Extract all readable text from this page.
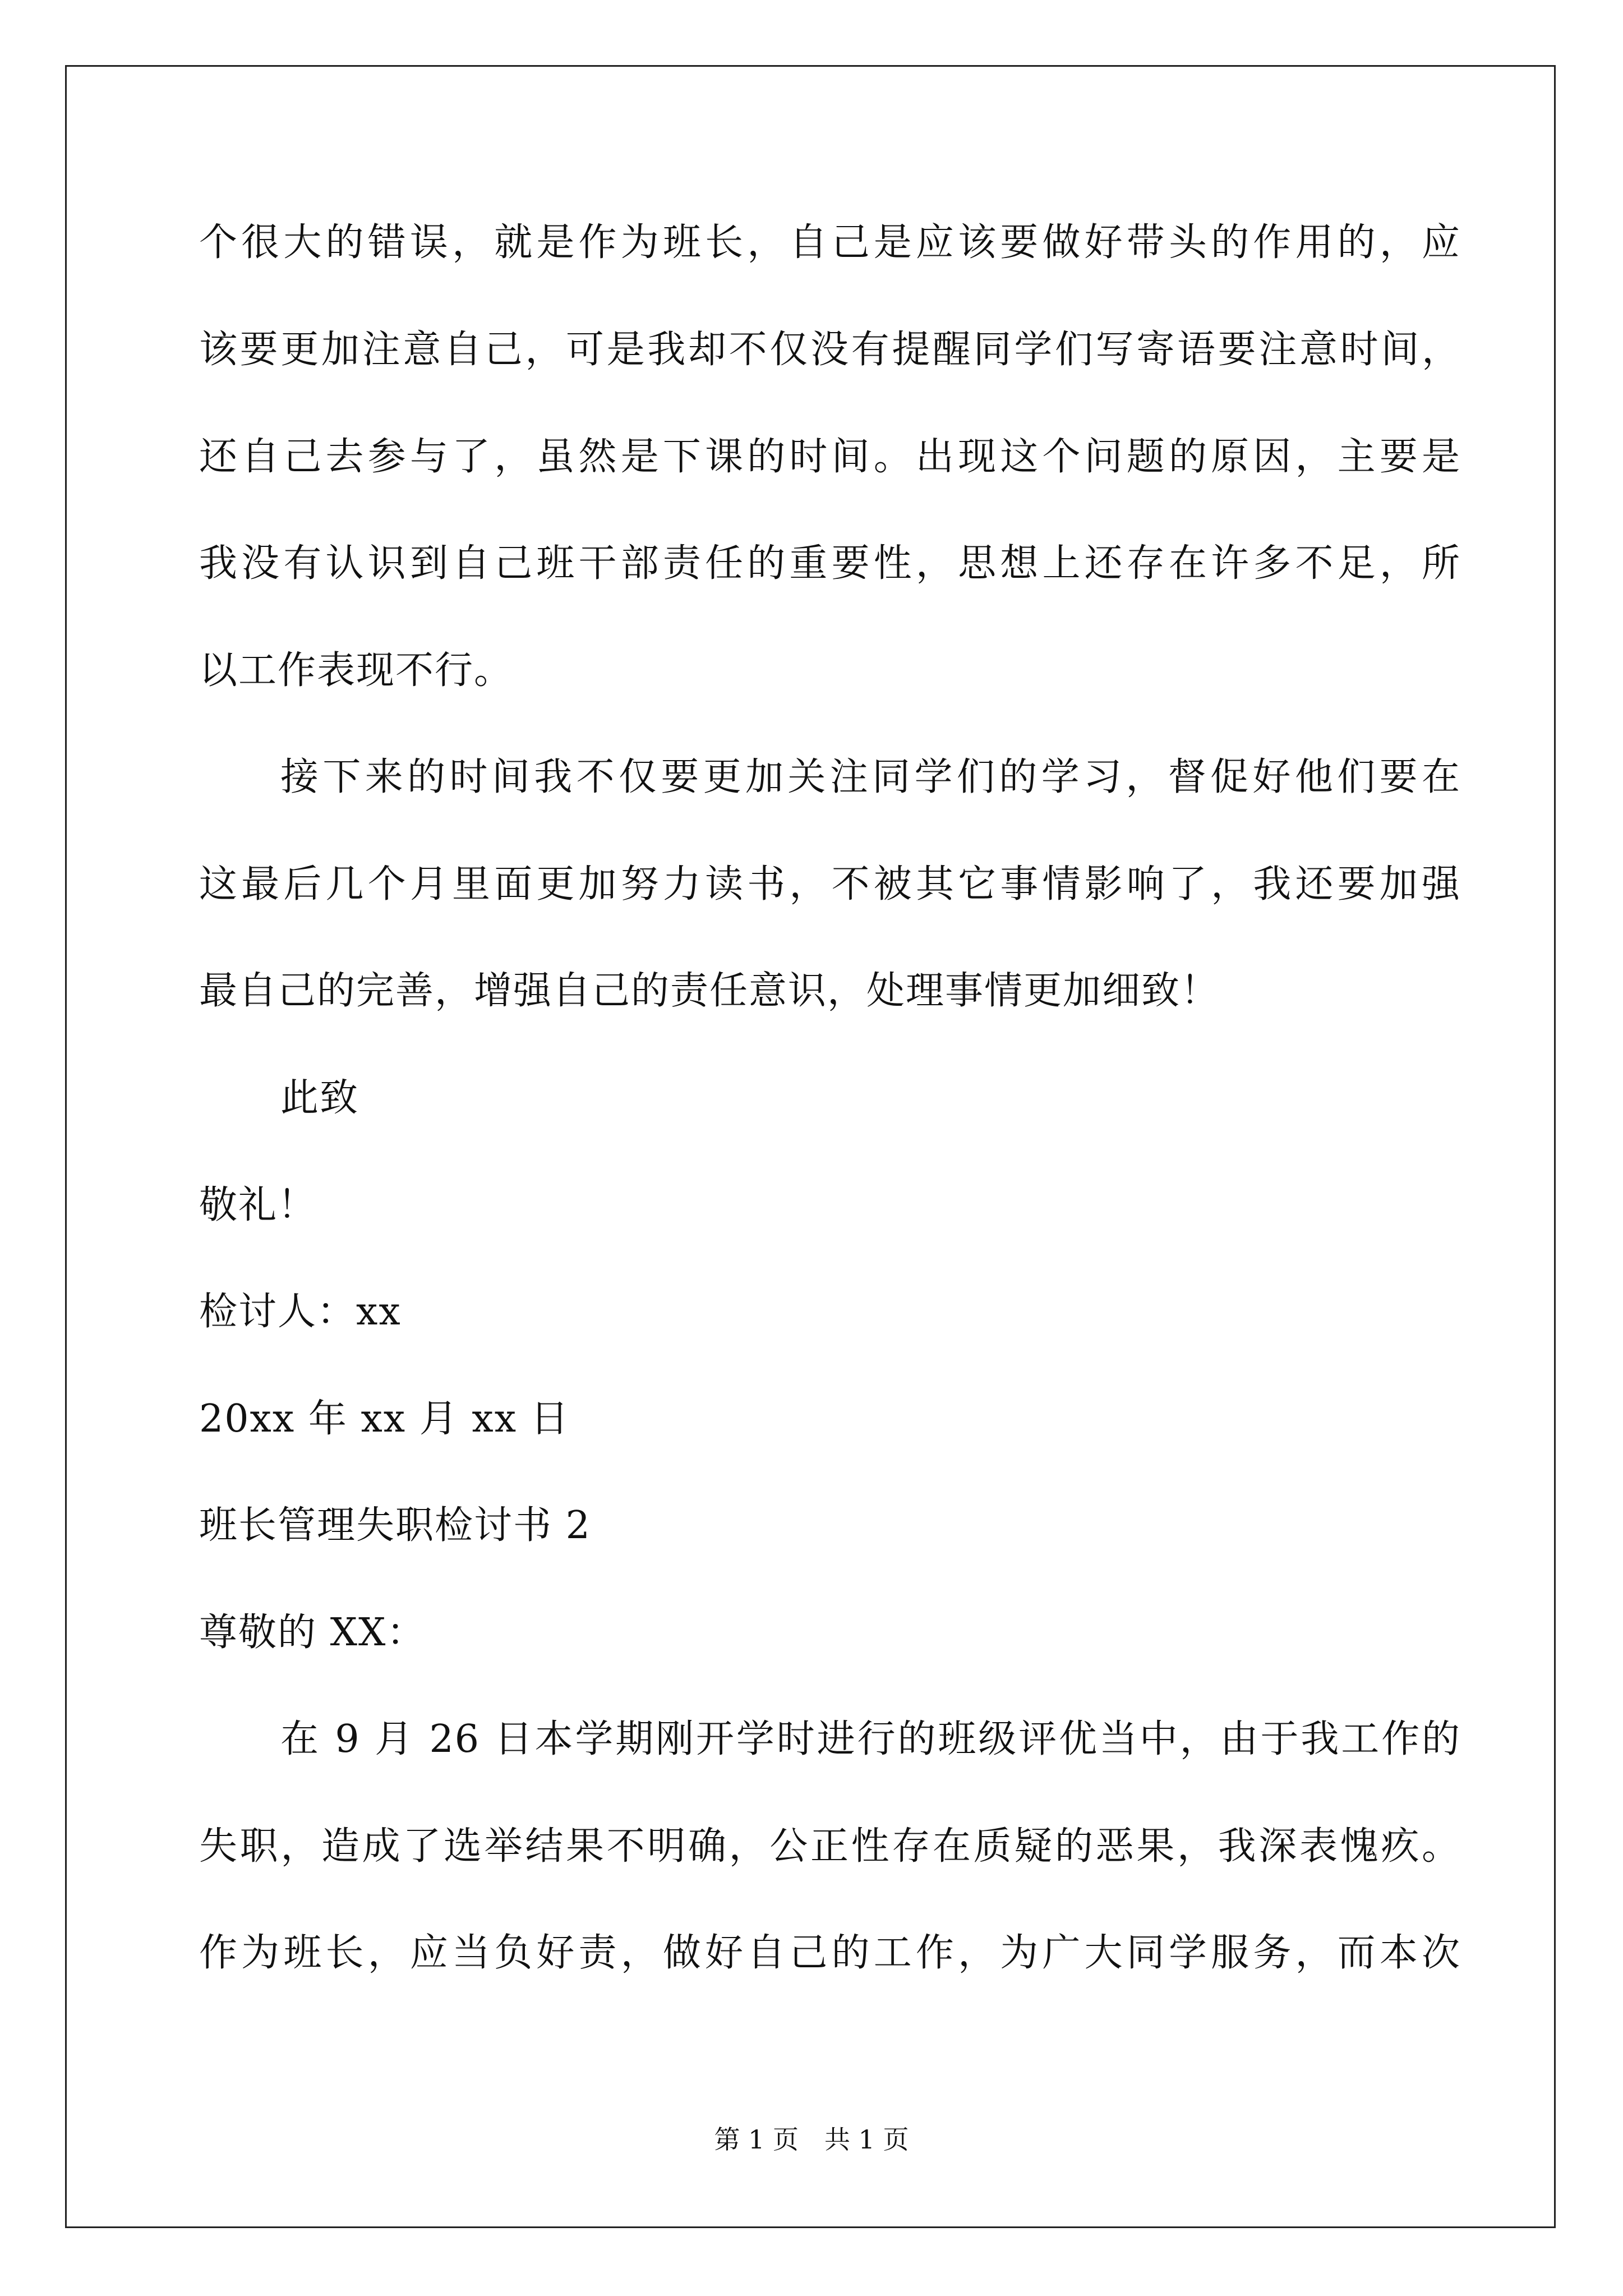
个很大的错误，就是作为班长，自己是应该要做好带头的作用的，应
该要更加注意自己，可是我却不仅没有提醒同学们写寄语要注意时间，
还自己去参与了，虽然是下课的时间。出现这个问题的原因，主要是
我没有认识到自己班干部责任的重要性，思想上还存在许多不足，所
以工作表现不行。
接下来的时间我不仅要更加关注同学们的学习，督促好他们要在
这最后几个月里面更加努力读书，不被其它事情影响了，我还要加强
最自己的完善，增强自己的责任意识，处理事情更加细致！
此致
敬礼！
检讨人：xx
20xx 年 xx 月 xx 日
班长管理失职检讨书 2
尊敬的 XX：
在 9 月 26 日本学期刚开学时进行的班级评优当中，由于我工作的
失职，造成了选举结果不明确，公正性存在质疑的恶果，我深表愧疚。
作为班长，应当负好责，做好自己的工作，为广大同学服务，而本次
第 1 页　共 1 页
